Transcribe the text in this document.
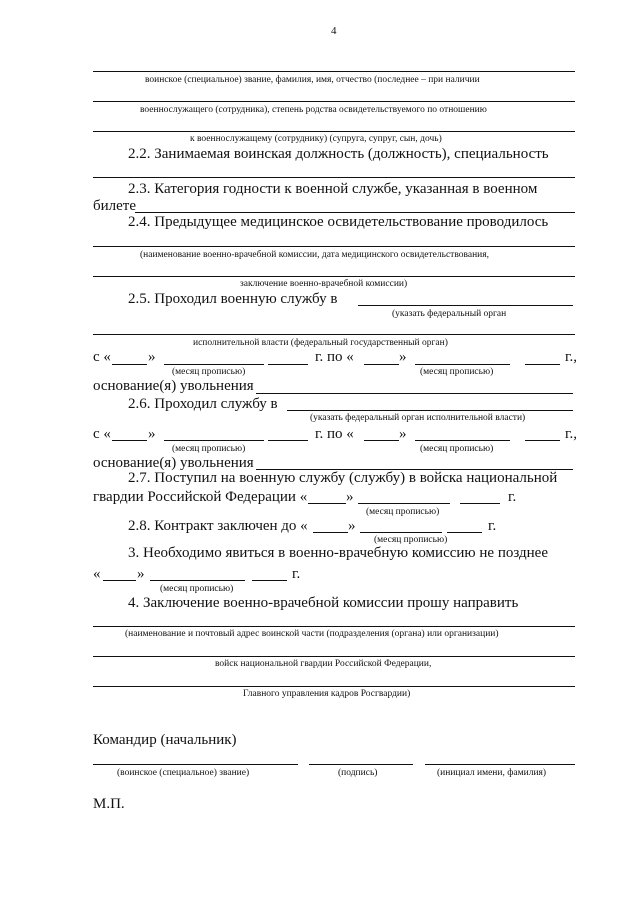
4
воинское (специальное) звание, фамилия, имя, отчество (последнее – при наличии
военнослужащего (сотрудника), степень родства освидетельствуемого по отношению
к военнослужащему (сотруднику) (супруга, супруг, сын, дочь)
2.2. Занимаемая воинская должность (должность), специальность
2.3. Категория годности к военной службе, указанная в военном
билете
2.4. Предыдущее медицинское освидетельствование проводилось
(наименование военно-врачебной комиссии, дата медицинского освидетельствования,
заключение военно-врачебной комиссии)
2.5. Проходил военную службу в
(указать федеральный орган
исполнительной власти (федеральный государственный орган)
с « »	г. по «	»	г.,
(месяц прописью)	(месяц прописью)
основание(я) увольнения
2.6. Проходил службу в
(указать федеральный орган исполнительной власти)
с « »	г. по «	»	г.,
(месяц прописью)	(месяц прописью)
основание(я) увольнения
2.7. Поступил на военную службу (службу) в войска национальной
гвардии Российской Федерации «	»	г.
(месяц прописью)
2.8. Контракт заключен до «	»	г.
(месяц прописью)
3. Необходимо явиться в военно-врачебную комиссию не позднее
« »	г.
(месяц прописью)
4. Заключение военно-врачебной комиссии прошу направить
(наименование и почтовый адрес воинской части (подразделения (органа) или организации)
войск национальной гвардии Российской Федерации,
Главного управления кадров Росгвардии)
Командир (начальник)
(воинское (специальное) звание)	(подпись)	(инициал имени, фамилия)
М.П.
